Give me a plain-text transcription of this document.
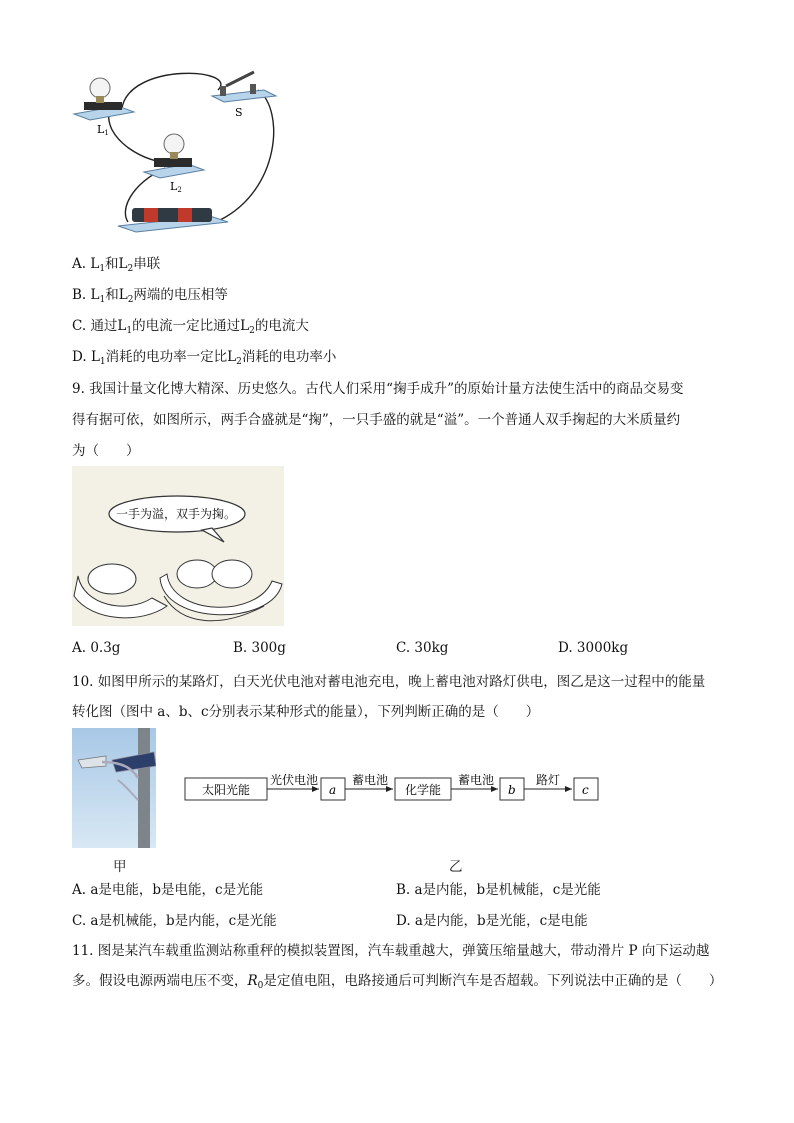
L1
S
L2
A. $L_1$和$L_2$串联
B. $L_1$和$L_2$两端的电压相等
C. 通过$L_1$的电流一定比通过$L_2$的电流大
D. $L_1$消耗的电功率一定比$L_2$消耗的电功率小
9. 我国计量文化博大精深、历史悠久。古代人们采用“掬手成升”的原始计量方法使生活中的商品交易变
得有据可依，如图所示，两手合盛就是“掬”，一只手盛的就是“溢”。一个普通人双手掬起的大米质量约
为（　　）
一手为溢，双手为掬。
A. 0.3g	B. 300g	C. 30kg	D. 3000kg
10. 如图甲所示的某路灯，白天光伏电池对蓄电池充电，晚上蓄电池对路灯供电，图乙是这一过程中的能量
转化图（图中 a、b、c分别表示某种形式的能量），下列判断正确的是（　　）
太阳光能
光伏电池
a
蓄电池
化学能
蓄电池
b
路灯
c
甲	乙
A. a是电能，b是电能，c是光能	B. a是内能，b是机械能，c是光能
C. a是机械能，b是内能，c是光能	D. a是内能，b是光能，c是电能
11. 图是某汽车载重监测站称重秤的模拟装置图，汽车载重越大，弹簧压缩量越大，带动滑片 P 向下运动越
多。假设电源两端电压不变，$R_0$是定值电阻，电路接通后可判断汽车是否超载。下列说法中正确的是（　　）
